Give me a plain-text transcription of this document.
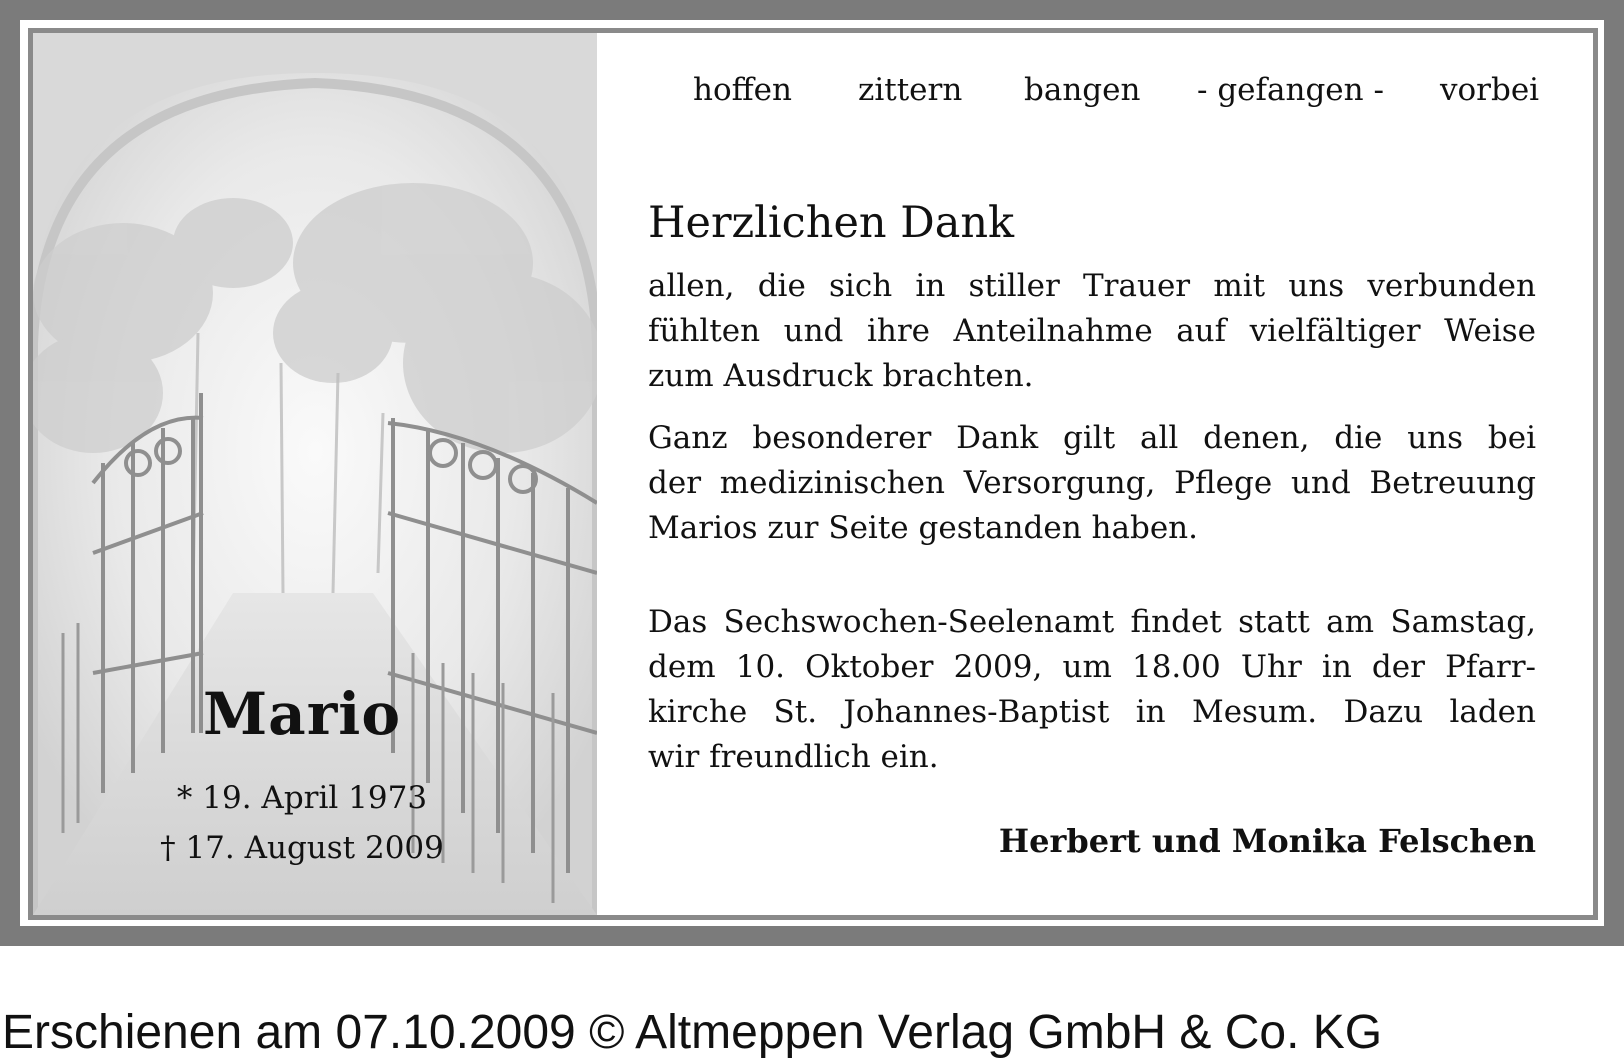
Mario
* 19. April 1973
† 17. August 2009
hoffen zittern bangen - gefangen - vorbei
Herzlichen Dank
allen, die sich in stiller Trauer mit uns verbunden
fühlten und ihre Anteilnahme auf vielfältiger Weise
zum Ausdruck brachten.
Ganz besonderer Dank gilt all denen, die uns bei
der medizinischen Versorgung, Pflege und Betreuung
Marios zur Seite gestanden haben.
Das Sechswochen-Seelenamt findet statt am Samstag,
dem 10. Oktober 2009, um 18.00 Uhr in der Pfarr-
kirche St. Johannes-Baptist in Mesum. Dazu laden
wir freundlich ein.
Herbert und Monika Felschen
Erschienen am 07.10.2009 © Altmeppen Verlag GmbH & Co. KG
